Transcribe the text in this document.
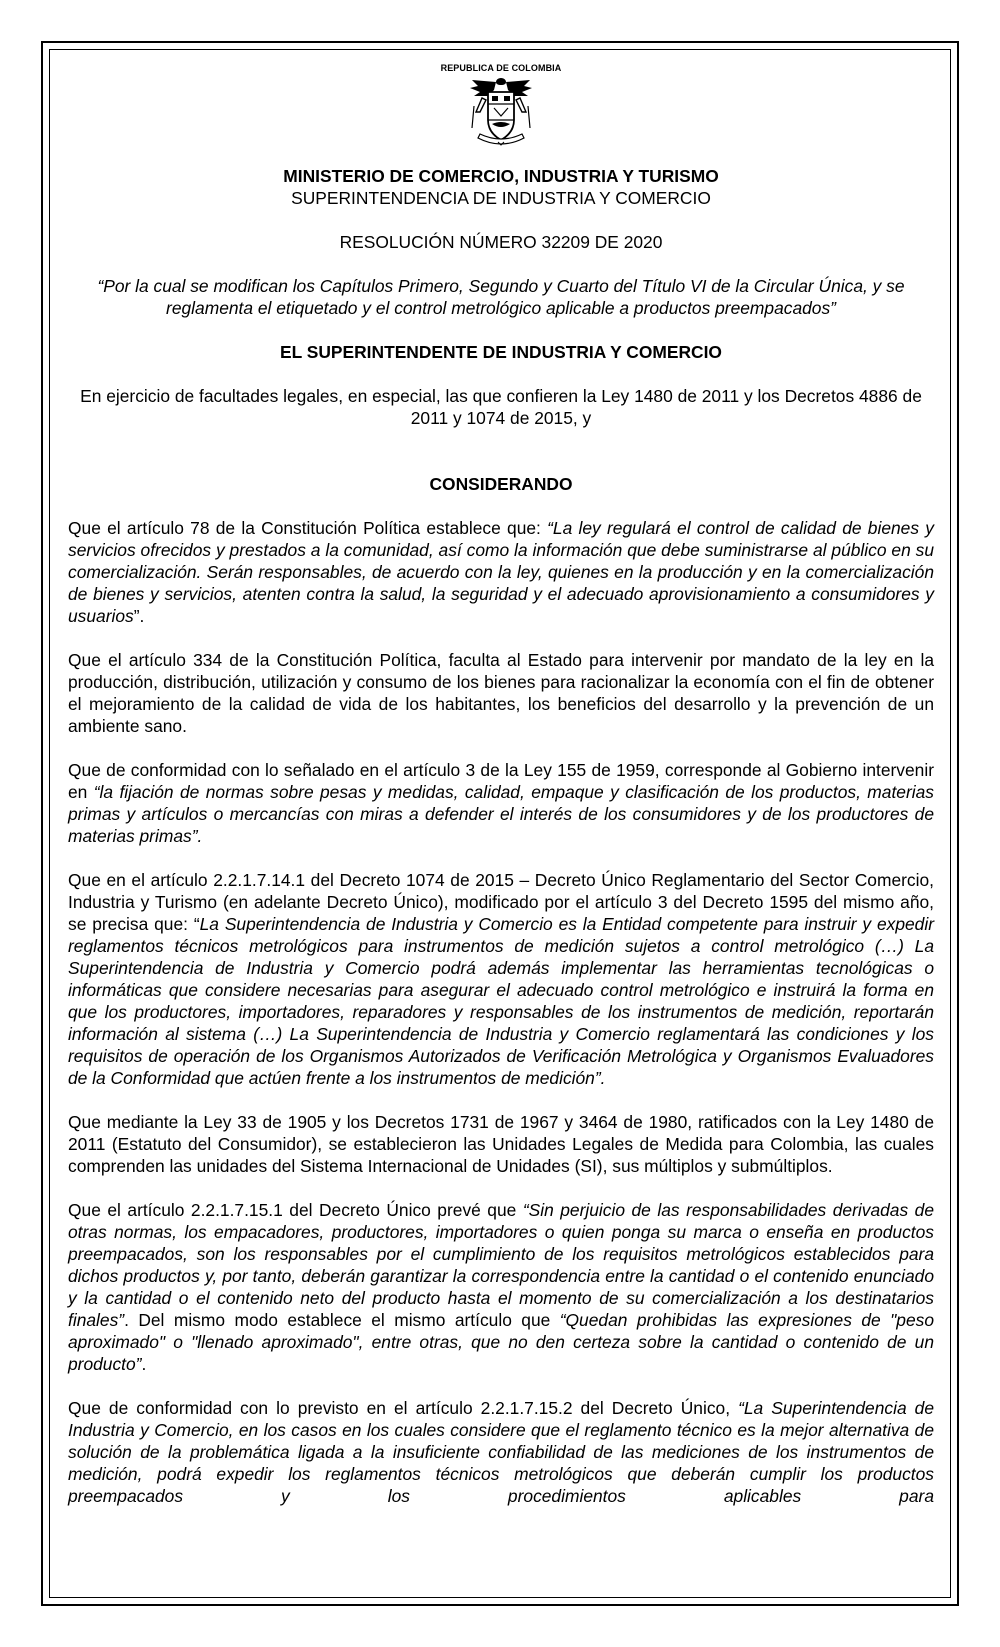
REPUBLICA DE COLOMBIA
MINISTERIO DE COMERCIO, INDUSTRIA Y TURISMO
SUPERINTENDENCIA DE INDUSTRIA Y COMERCIO
RESOLUCIÓN NÚMERO 32209 DE 2020
“Por la cual se modifican los Capítulos Primero, Segundo y Cuarto del Título VI de la Circular Única, y se reglamenta el etiquetado y el control metrológico aplicable a productos preempacados”
EL SUPERINTENDENTE DE INDUSTRIA Y COMERCIO
En ejercicio de facultades legales, en especial, las que confieren la Ley 1480 de 2011 y los Decretos 4886 de 2011 y 1074 de 2015, y
CONSIDERANDO

Que el artículo 78 de la Constitución Política establece que: “La ley regulará el control de calidad de bienes y servicios ofrecidos y prestados a la comunidad, así como la información que debe suministrarse al público en su comercialización. Serán responsables, de acuerdo con la ley, quienes en la producción y en la comercialización de bienes y servicios, atenten contra la salud, la seguridad y el adecuado aprovisionamiento a consumidores y usuarios”.

Que el artículo 334 de la Constitución Política, faculta al Estado para intervenir por mandato de la ley en la producción, distribución, utilización y consumo de los bienes para racionalizar la economía con el fin de obtener el mejoramiento de la calidad de vida de los habitantes, los beneficios del desarrollo y la prevención de un ambiente sano.

Que de conformidad con lo señalado en el artículo 3 de la Ley 155 de 1959, corresponde al Gobierno intervenir en “la fijación de normas sobre pesas y medidas, calidad, empaque y clasificación de los productos, materias primas y artículos o mercancías con miras a defender el interés de los consumidores y de los productores de materias primas”.

Que en el artículo 2.2.1.7.14.1 del Decreto 1074 de 2015 – Decreto Único Reglamentario del Sector Comercio, Industria y Turismo (en adelante Decreto Único), modificado por el artículo 3 del Decreto 1595 del mismo año, se precisa que: “La Superintendencia de Industria y Comercio es la Entidad competente para instruir y expedir reglamentos técnicos metrológicos para instrumentos de medición sujetos a control metrológico (…) La Superintendencia de Industria y Comercio podrá además implementar las herramientas tecnológicas o informáticas que considere necesarias para asegurar el adecuado control metrológico e instruirá la forma en que los productores, importadores, reparadores y responsables de los instrumentos de medición, reportarán información al sistema (…) La Superintendencia de Industria y Comercio reglamentará las condiciones y los requisitos de operación de los Organismos Autorizados de Verificación Metrológica y Organismos Evaluadores de la Conformidad que actúen frente a los instrumentos de medición”.

Que mediante la Ley 33 de 1905 y los Decretos 1731 de 1967 y 3464 de 1980, ratificados con la Ley 1480 de 2011 (Estatuto del Consumidor), se establecieron las Unidades Legales de Medida para Colombia, las cuales comprenden las unidades del Sistema Internacional de Unidades (SI), sus múltiplos y submúltiplos.

Que el artículo 2.2.1.7.15.1 del Decreto Único prevé que “Sin perjuicio de las responsabilidades derivadas de otras normas, los empacadores, productores, importadores o quien ponga su marca o enseña en productos preempacados, son los responsables por el cumplimiento de los requisitos metrológicos establecidos para dichos productos y, por tanto, deberán garantizar la correspondencia entre la cantidad o el contenido enunciado y la cantidad o el contenido neto del producto hasta el momento de su comercialización a los destinatarios finales”. Del mismo modo establece el mismo artículo que “Quedan prohibidas las expresiones de "peso aproximado" o "llenado aproximado", entre otras, que no den certeza sobre la cantidad o contenido de un producto”.

Que de conformidad con lo previsto en el artículo 2.2.1.7.15.2 del Decreto Único, “La Superintendencia de Industria y Comercio, en los casos en los cuales considere que el reglamento técnico es la mejor alternativa de solución de la problemática ligada a la insuficiente confiabilidad de las mediciones de los instrumentos de medición, podrá expedir los reglamentos técnicos metrológicos que deberán cumplir los productos preempacados y los procedimientos aplicables para
